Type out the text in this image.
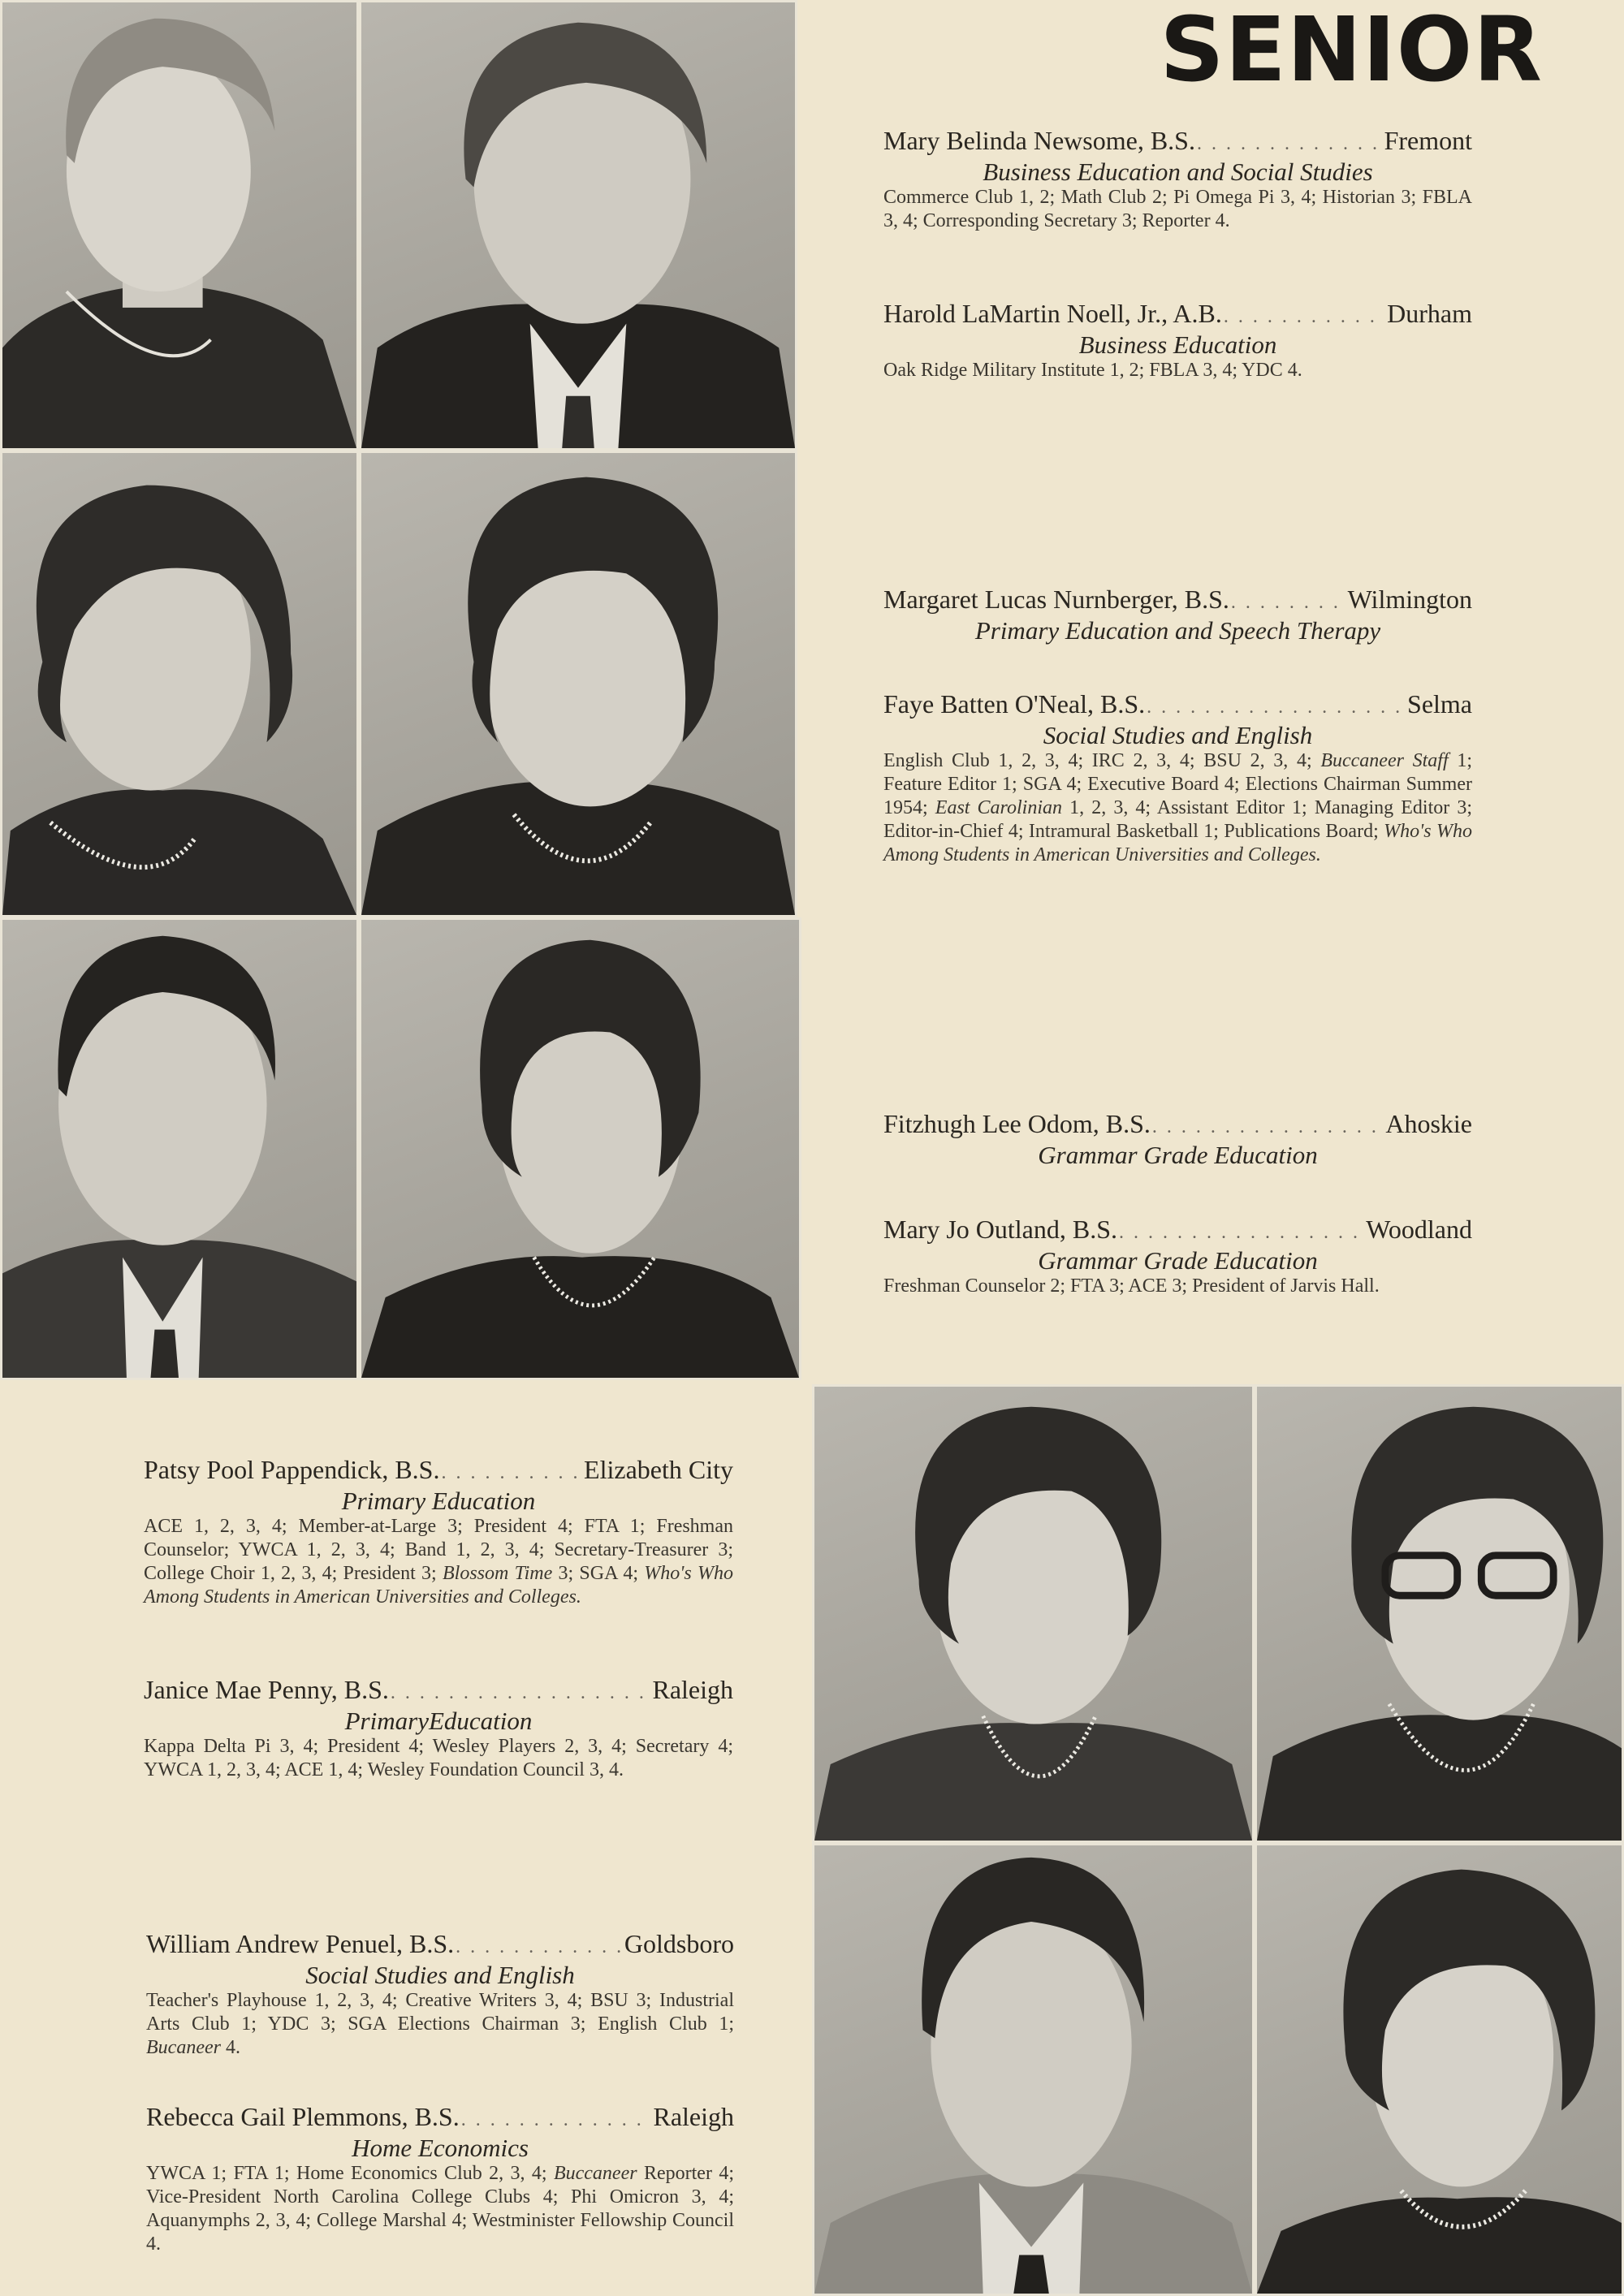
SENIOR
Mary Belinda Newsome, B.S. . . .	Fremont
Business Education and Social Studies
Commerce Club 1, 2; Math Club 2; Pi Omega Pi 3, 4; Historian 3; FBLA 3, 4; Corresponding Secretary 3; Reporter 4.
Harold LaMartin Noell, Jr., A.B. . . .	Durham
Business Education
Oak Ridge Military Institute 1, 2; FBLA 3, 4; YDC 4.
Margaret Lucas Nurnberger, B.S. . . .	Wilmington
Primary Education and Speech Therapy
Faye Batten O'Neal, B.S. . . .	Selma
Social Studies and English
English Club 1, 2, 3, 4; IRC 2, 3, 4; BSU 2, 3, 4; Buccaneer Staff 1; Feature Editor 1; SGA 4; Executive Board 4; Elections Chairman Summer 1954; East Carolinian 1, 2, 3, 4; Assistant Editor 1; Managing Editor 3; Editor-in-Chief 4; Intramural Basketball 1; Publications Board; Who's Who Among Students in American Universities and Colleges.
Fitzhugh Lee Odom, B.S. . . .	Ahoskie
Grammar Grade Education
Mary Jo Outland, B.S. . . .	Woodland
Grammar Grade Education
Freshman Counselor 2; FTA 3; ACE 3; President of Jarvis Hall.
Patsy Pool Pappendick, B.S. . . .	Elizabeth City
Primary Education
ACE 1, 2, 3, 4; Member-at-Large 3; President 4; FTA 1; Freshman Counselor; YWCA 1, 2, 3, 4; Band 1, 2, 3, 4; Secretary-Treasurer 3; College Choir 1, 2, 3, 4; President 3; Blossom Time 3; SGA 4; Who's Who Among Students in American Universities and Colleges.
Janice Mae Penny, B.S. . . .	Raleigh
PrimaryEducation
Kappa Delta Pi 3, 4; President 4; Wesley Players 2, 3, 4; Secretary 4; YWCA 1, 2, 3, 4; ACE 1, 4; Wesley Foundation Council 3, 4.
William Andrew Penuel, B.S. . . .	Goldsboro
Social Studies and English
Teacher's Playhouse 1, 2, 3, 4; Creative Writers 3, 4; BSU 3; Industrial Arts Club 1; YDC 3; SGA Elections Chairman 3; English Club 1; Bucaneer 4.
Rebecca Gail Plemmons, B.S. . . .	Raleigh
Home Economics
YWCA 1; FTA 1; Home Economics Club 2, 3, 4; Buccaneer Reporter 4; Vice-President North Carolina College Clubs 4; Phi Omicron 3, 4; Aquanymphs 2, 3, 4; College Marshal 4; Westminister Fellowship Council 4.
